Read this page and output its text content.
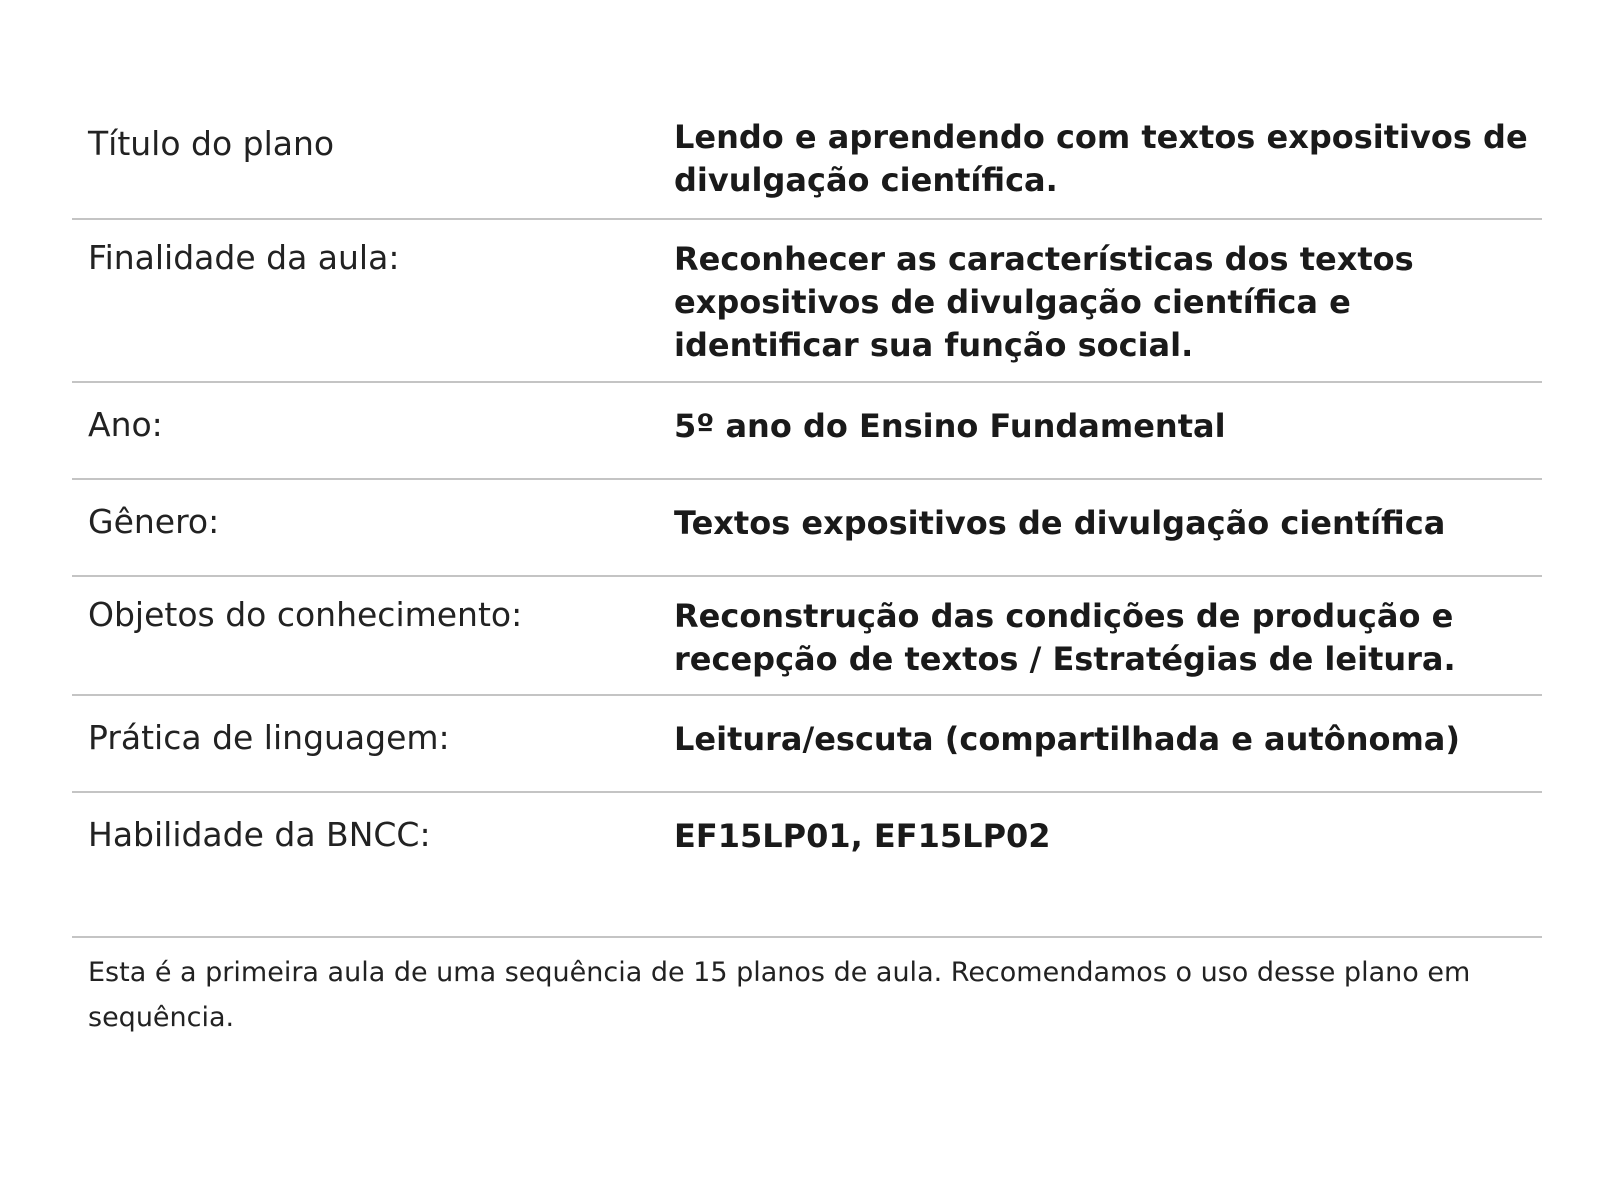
Título do plano	Lendo e aprendendo com textos expositivos de divulgação científica.
Finalidade da aula:	Reconhecer as características dos textos expositivos de divulgação científica e identificar sua função social.
Ano:	5º ano do Ensino Fundamental
Gênero:	Textos expositivos de divulgação científica
Objetos do conhecimento:	Reconstrução das condições de produção e recepção de textos / Estratégias de leitura.
Prática de linguagem:	Leitura/escuta (compartilhada e autônoma)
Habilidade da BNCC:	EF15LP01, EF15LP02
Esta é a primeira aula de uma sequência de 15 planos de aula. Recomendamos o uso desse plano em sequência.
